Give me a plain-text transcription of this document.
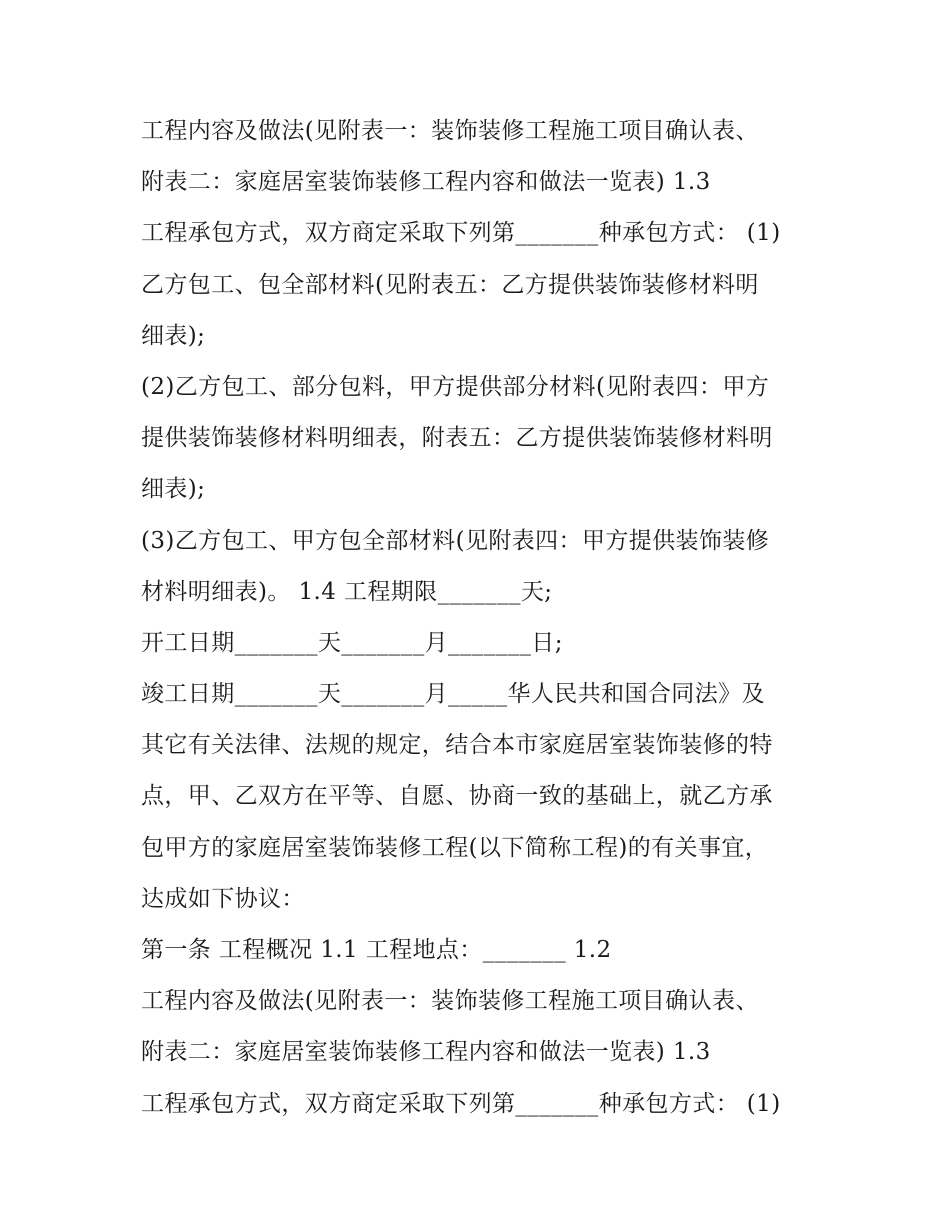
工程内容及做法(见附表一：装饰装修工程施工项目确认表、
附表二：家庭居室装饰装修工程内容和做法一览表) 1.3
工程承包方式，双方商定采取下列第_______种承包方式： (1)
乙方包工、包全部材料(见附表五：乙方提供装饰装修材料明
细表);
(2)乙方包工、部分包料，甲方提供部分材料(见附表四：甲方
提供装饰装修材料明细表，附表五：乙方提供装饰装修材料明
细表);
(3)乙方包工、甲方包全部材料(见附表四：甲方提供装饰装修
材料明细表)。 1.4 工程期限_______天;
开工日期_______天_______月_______日;
竣工日期_______天_______月_____华人民共和国合同法》及
其它有关法律、法规的规定，结合本市家庭居室装饰装修的特
点，甲、乙双方在平等、自愿、协商一致的基础上，就乙方承
包甲方的家庭居室装饰装修工程(以下简称工程)的有关事宜，
达成如下协议：
第一条 工程概况 1.1 工程地点：_______ 1.2
工程内容及做法(见附表一：装饰装修工程施工项目确认表、
附表二：家庭居室装饰装修工程内容和做法一览表) 1.3
工程承包方式，双方商定采取下列第_______种承包方式： (1)
